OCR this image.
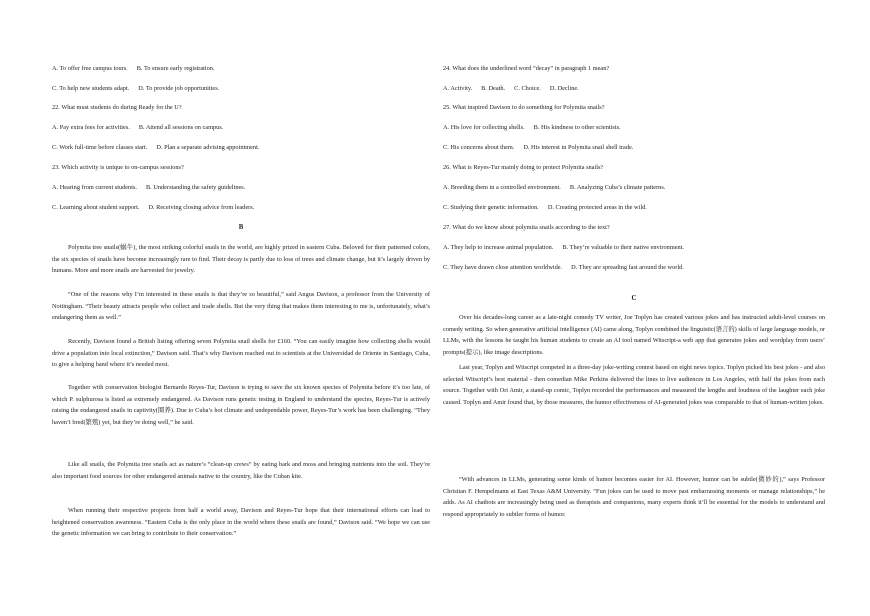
A. To offer free campus tours. B. To ensure early registration.
C. To help new students adapt. D. To provide job opportunities.
22. What must students do during Ready for the U?
A. Pay extra fees for activities. B. Attend all sessions on campus.
C. Work full-time before classes start. D. Plan a separate advising appointment.
23. Which activity is unique to on-campus sessions?
A. Hearing from current students. B. Understanding the safety guidelines.
C. Learning about student support. D. Receiving closing advice from leaders.
B
Polymita tree snails(蜗牛), the most striking colorful snails in the world, are highly prized in eastern Cuba. Beloved for their patterned colors, the six species of snails have become increasingly rare to find. Their decay is partly due to loss of trees and climate change, but it’s largely driven by humans. More and more snails are harvested for jewelry.
“One of the reasons why I’m interested in these snails is that they’re so beautiful,” said Angus Davison, a professor from the University of Nottingham. “Their beauty attracts people who collect and trade shells. But the very thing that makes them interesting to me is, unfortunately, what’s endangering them as well.”
Recently, Davison found a British listing offering seven Polymita snail shells for £160. “You can easily imagine how collecting shells would drive a population into local extinction,” Davison said. That’s why Davison reached out to scientists at the Universidad de Oriente in Santiago, Cuba, to give a helping hand where it’s needed most.
Together with conservation biologist Bernardo Reyes-Tur, Davison is trying to save the six known species of Polymita before it’s too late, of which P. sulphurosa is listed as extremely endangered. As Davison runs genetic testing in England to understand the species, Reyes-Tur is actively raising the endangered snails in captivity(圈养). Due to Cuba’s hot climate and undependable power, Reyes-Tur’s work has been challenging. “They haven’t bred(繁殖) yet, but they’re doing well,” he said.
Like all snails, the Polymita tree snails act as nature’s “clean-up crews” by eating bark and moss and bringing nutrients into the soil. They’re also important food sources for other endangered animals native to the country, like the Cuban kite.
When running their respective projects from half a world away, Davison and Reyes-Tur hope that their international efforts can lead to heightened conservation awareness. “Eastern Cuba is the only place in the world where these snails are found,” Davison said. “We hope we can use the genetic information we can bring to contribute to their conservation.”
24. What does the underlined word “decay” in paragraph 1 mean?
A. Activity. B. Death. C. Choice. D. Decline.
25. What inspired Davison to do something for Polymita snails?
A. His love for collecting shells. B. His kindness to other scientists.
C. His concerns about them. D. His interest in Polymita snail shell trade.
26. What is Reyes-Tur mainly doing to protect Polymita snails?
A. Breeding them in a controlled environment. B. Analyzing Cuba’s climate patterns.
C. Studying their genetic information. D. Creating protected areas in the wild.
27. What do we know about polymita snails according to the text?
A. They help to increase animal population. B. They’re valuable to their native environment.
C. They have drawn close attention worldwide. D. They are spreading fast around the world.
C
Over his decades-long career as a late-night comedy TV writer, Joe Toplyn has created various jokes and has instructed adult-level courses on comedy writing. So when generative artificial intelligence (AI) came along, Toplyn combined the linguistic(语言的) skills of large language models, or LLMs, with the lessons he taught his human students to create an AI tool named Witscript-a web app that generates jokes and wordplay from users’ prompts(提示), like image descriptions.
Last year, Toplyn and Witscript competed in a three-day joke-writing contest based on eight news topics. Toplyn picked his best jokes - and also selected Witscript’s best material - then comedian Mike Perkins delivered the lines to live audiences in Los Angeles, with half the jokes from each source. Together with Ori Amir, a stand-up comic, Toplyn recorded the performances and measured the lengths and loudness of the laughter each joke caused. Toplyn and Amir found that, by those measures, the humor effectiveness of AI-generated jokes was comparable to that of human-written jokes.
“With advances in LLMs, generating some kinds of humor becomes easier for AI. However, humor can be subtle(微妙的),” says Professor Christian F. Hempelmann at East Texas A&M University. “Fun jokes can be used to move past embarrassing moments or manage relationships,” he adds. As AI chatbots are increasingly being used as therapists and companions, many experts think it’ll be essential for the models to understand and respond appropriately to subtler forms of humor.
